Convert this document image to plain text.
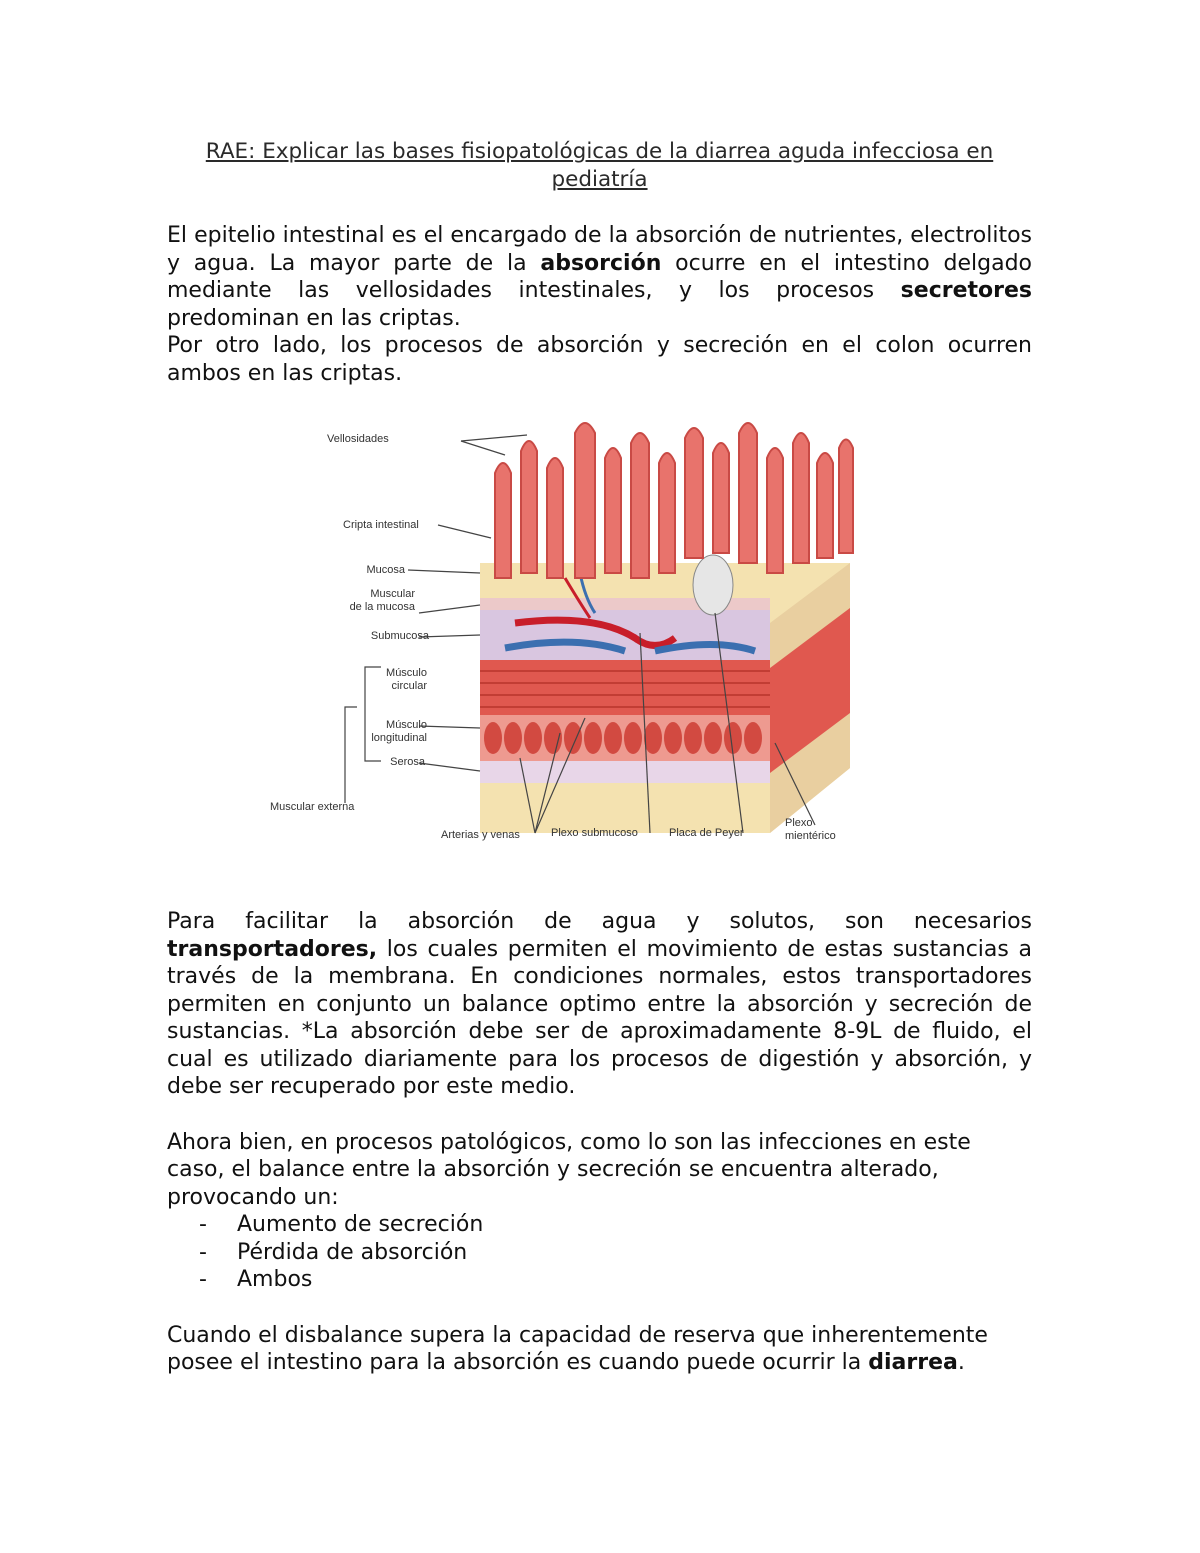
RAE: Explicar las bases fisiopatológicas de la diarrea aguda infecciosa en
pediatría

El epitelio intestinal es el encargado de la absorción de nutrientes, electrolitos y agua. La mayor parte de la absorción ocurre en el intestino delgado mediante las vellosidades intestinales, y los procesos secretores predominan en las criptas.

Por otro lado, los procesos de absorción y secreción en el colon ocurren ambos en las criptas.

Vellosidades
Cripta intestinal
Mucosa
Muscular
de la mucosa
Submucosa
Músculo
circular
Músculo
longitudinal
Serosa
Muscular externa
Arterias y venas	Plexo submucoso	Placa de Peyer
Plexo
mientérico

Para facilitar la absorción de agua y solutos, son necesarios transportadores, los cuales permiten el movimiento de estas sustancias a través de la membrana. En condiciones normales, estos transportadores permiten en conjunto un balance optimo entre la absorción y secreción de sustancias. *La absorción debe ser de aproximadamente 8-9L de fluido, el cual es utilizado diariamente para los procesos de digestión y absorción, y debe ser recuperado por este medio.

Ahora bien, en procesos patológicos, como lo son las infecciones en este caso, el balance entre la absorción y secreción se encuentra alterado, provocando un:

- Aumento de secreción
- Pérdida de absorción
- Ambos

Cuando el disbalance supera la capacidad de reserva que inherentemente posee el intestino para la absorción es cuando puede ocurrir la diarrea.
